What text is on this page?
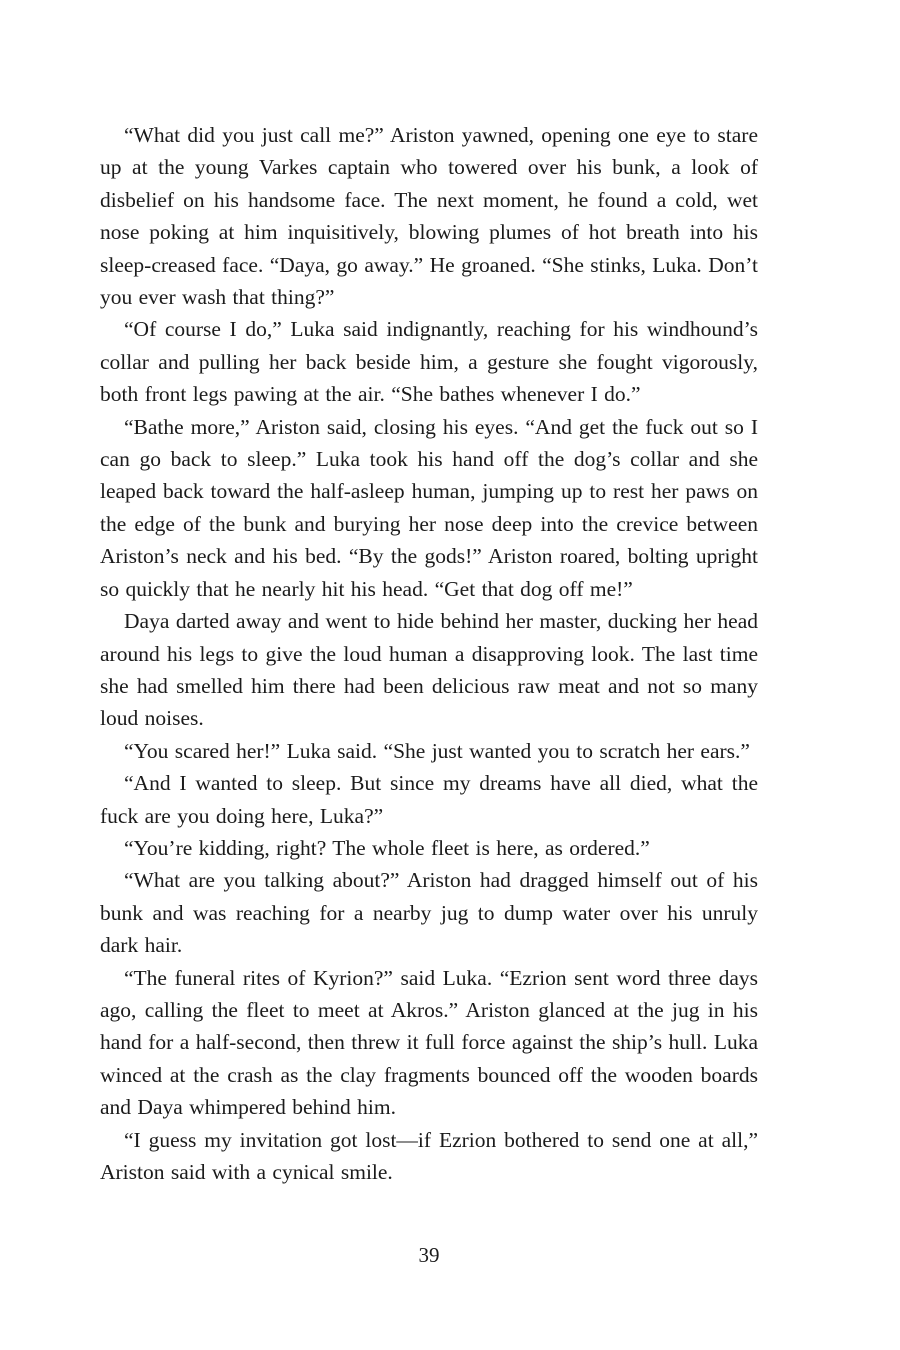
“What did you just call me?” Ariston yawned, opening one eye to stare up at the young Varkes captain who towered over his bunk, a look of disbelief on his handsome face. The next moment, he found a cold, wet nose poking at him inquisitively, blowing plumes of hot breath into his sleep-creased face. “Daya, go away.” He groaned. “She stinks, Luka. Don’t you ever wash that thing?”

“Of course I do,” Luka said indignantly, reaching for his windhound’s collar and pulling her back beside him, a gesture she fought vigorously, both front legs pawing at the air. “She bathes whenever I do.”

“Bathe more,” Ariston said, closing his eyes. “And get the fuck out so I can go back to sleep.” Luka took his hand off the dog’s collar and she leaped back toward the half-asleep human, jumping up to rest her paws on the edge of the bunk and burying her nose deep into the crevice between Ariston’s neck and his bed. “By the gods!” Ariston roared, bolting upright so quickly that he nearly hit his head. “Get that dog off me!”

Daya darted away and went to hide behind her master, ducking her head around his legs to give the loud human a disapproving look. The last time she had smelled him there had been delicious raw meat and not so many loud noises.

“You scared her!” Luka said. “She just wanted you to scratch her ears.”

“And I wanted to sleep. But since my dreams have all died, what the fuck are you doing here, Luka?”

“You’re kidding, right? The whole fleet is here, as ordered.”

“What are you talking about?” Ariston had dragged himself out of his bunk and was reaching for a nearby jug to dump water over his unruly dark hair.

“The funeral rites of Kyrion?” said Luka. “Ezrion sent word three days ago, calling the fleet to meet at Akros.” Ariston glanced at the jug in his hand for a half-second, then threw it full force against the ship’s hull. Luka winced at the crash as the clay fragments bounced off the wooden boards and Daya whimpered behind him.

“I guess my invitation got lost—if Ezrion bothered to send one at all,” Ariston said with a cynical smile.

39
